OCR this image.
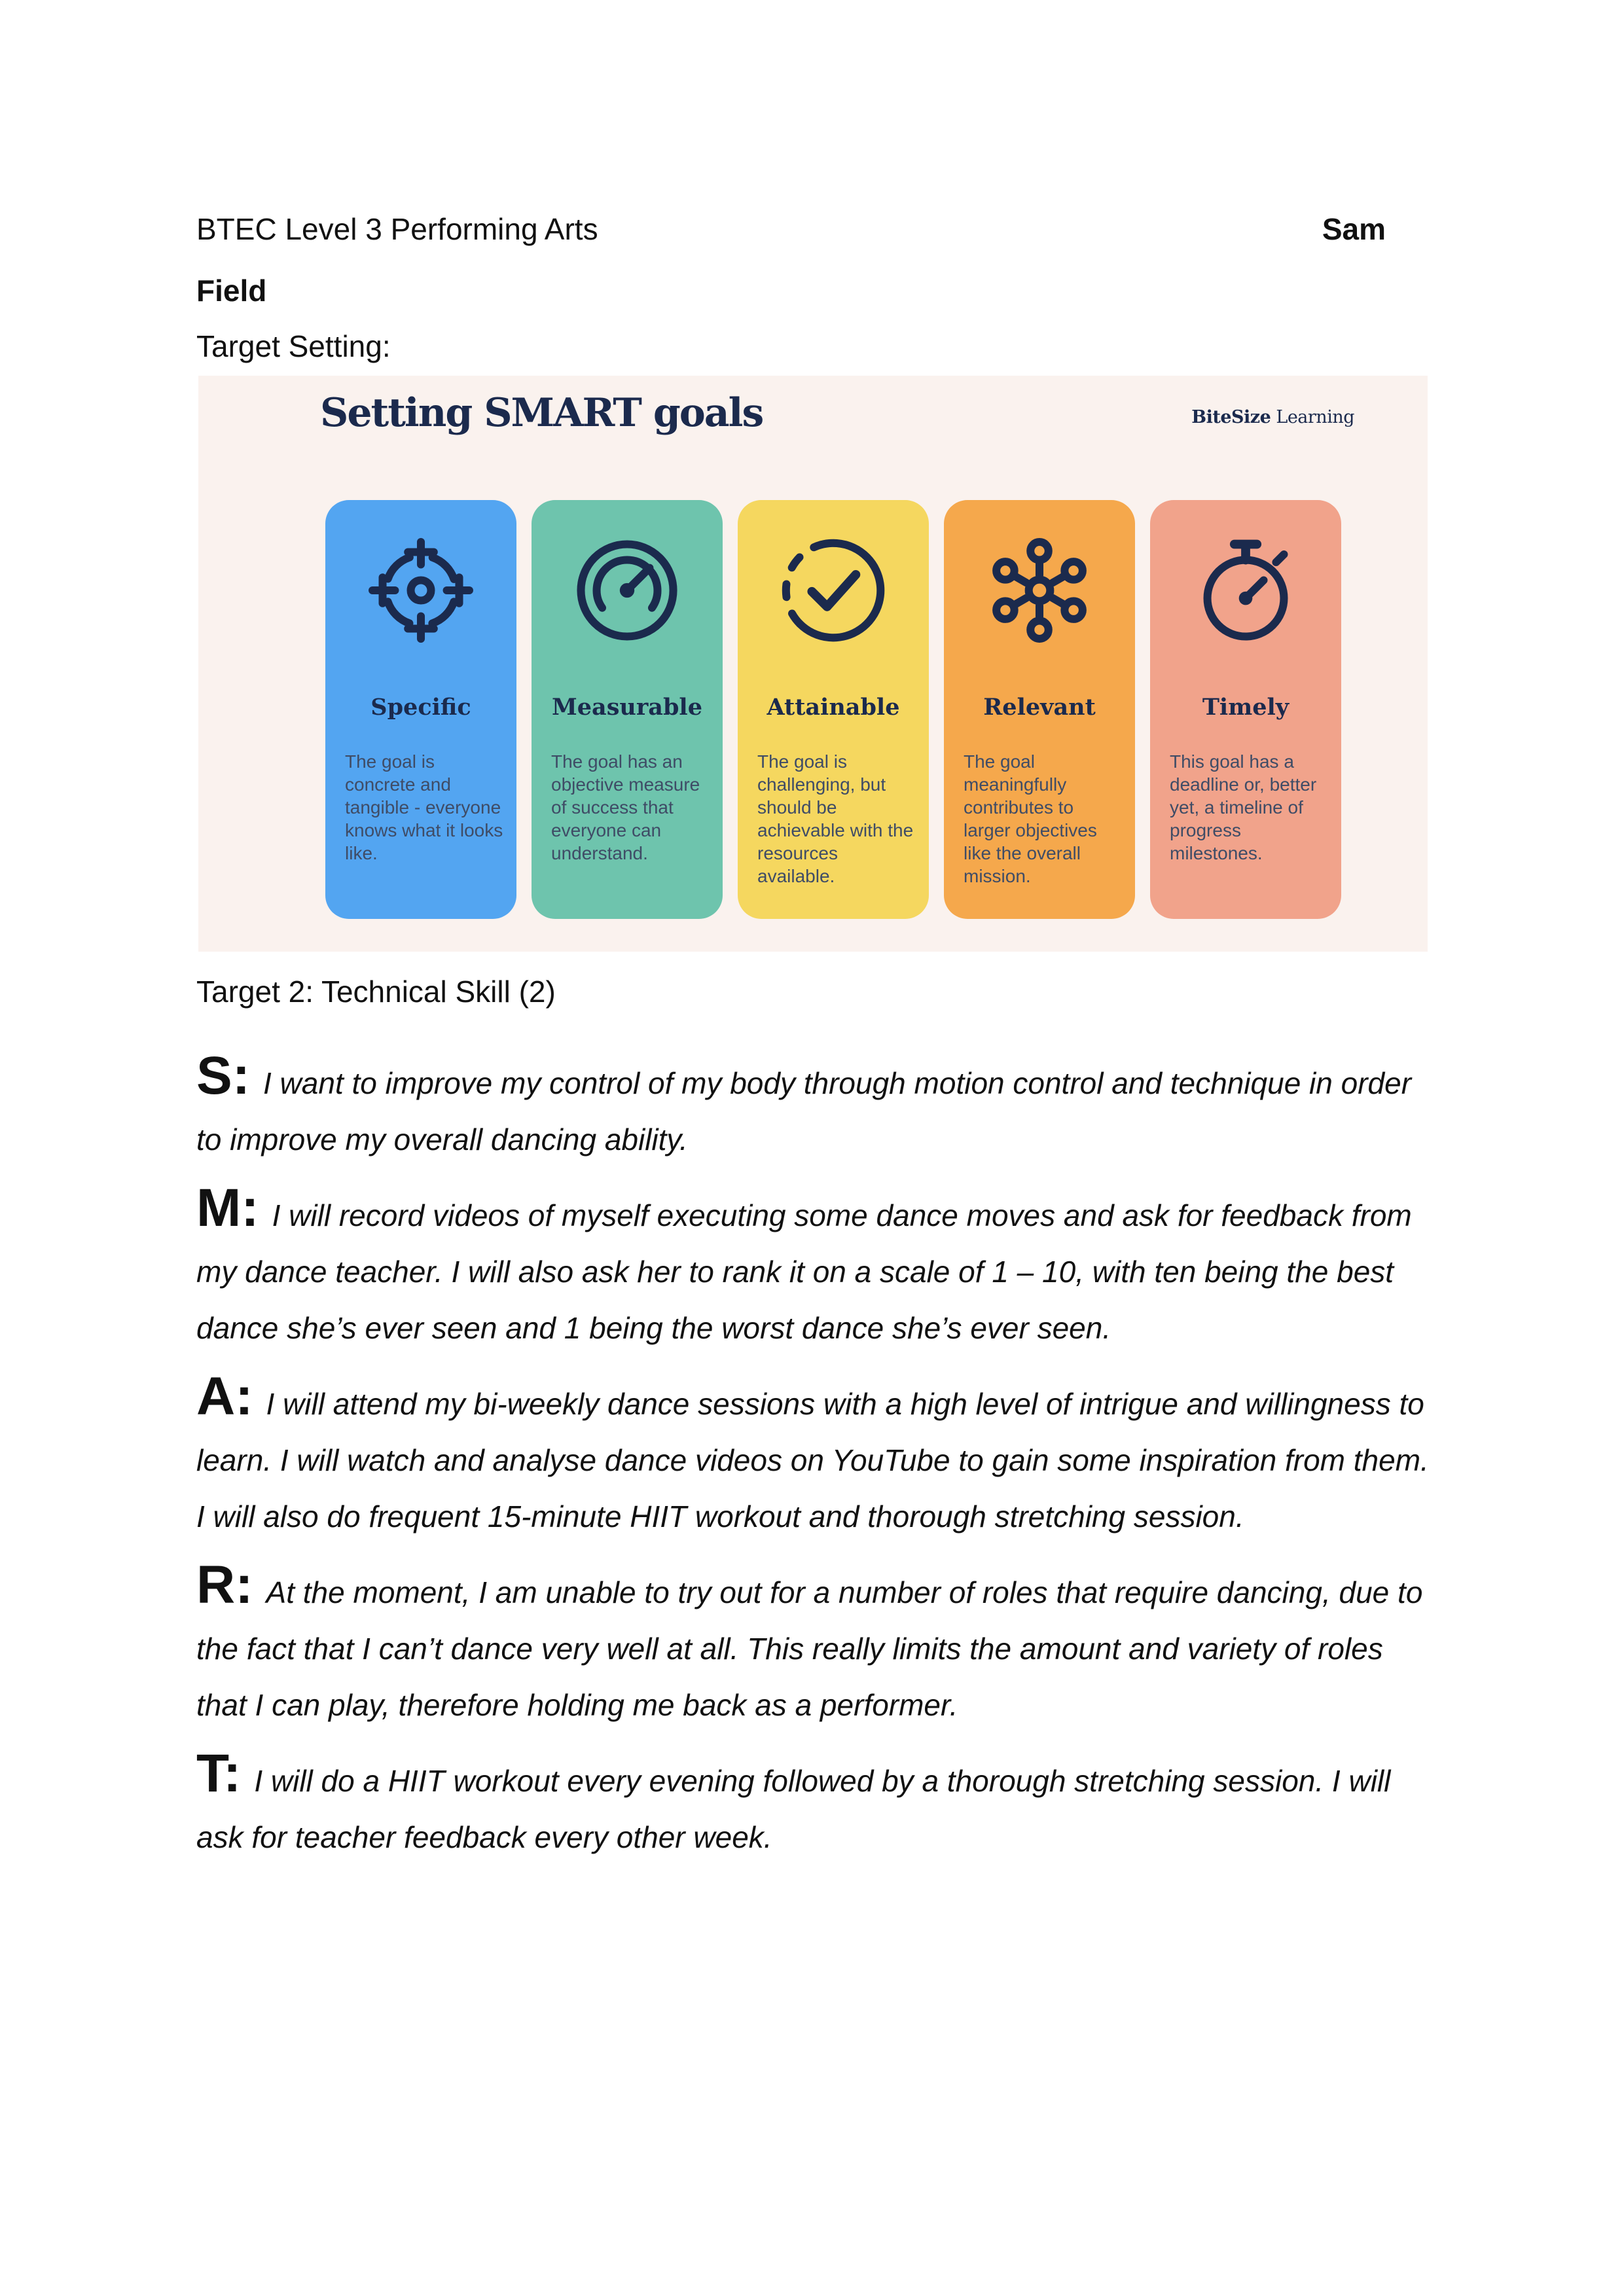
BTEC Level 3 Performing Arts	Sam
Field
Target Setting:
Setting SMART goals	BiteSize Learning
Specific
The goal is concrete and tangible - everyone knows what it looks like.
Measurable
The goal has an objective measure of success that everyone can understand.
Attainable
The goal is challenging, but should be achievable with the resources available.
Relevant
The goal meaningfully contributes to larger objectives like the overall mission.
Timely
This goal has a deadline or, better yet, a timeline of progress milestones.
Target 2: Technical Skill (2)

S: I want to improve my control of my body through motion control and technique in order to improve my overall dancing ability.

M: I will record videos of myself executing some dance moves and ask for feedback from my dance teacher. I will also ask her to rank it on a scale of 1 – 10, with ten being the best dance she’s ever seen and 1 being the worst dance she’s ever seen.

A: I will attend my bi-weekly dance sessions with a high level of intrigue and willingness to learn. I will watch and analyse dance videos on YouTube to gain some inspiration from them. I will also do frequent 15-minute HIIT workout and thorough stretching session.

R: At the moment, I am unable to try out for a number of roles that require dancing, due to the fact that I can’t dance very well at all. This really limits the amount and variety of roles that I can play, therefore holding me back as a performer.

T: I will do a HIIT workout every evening followed by a thorough stretching session. I will ask for teacher feedback every other week.
